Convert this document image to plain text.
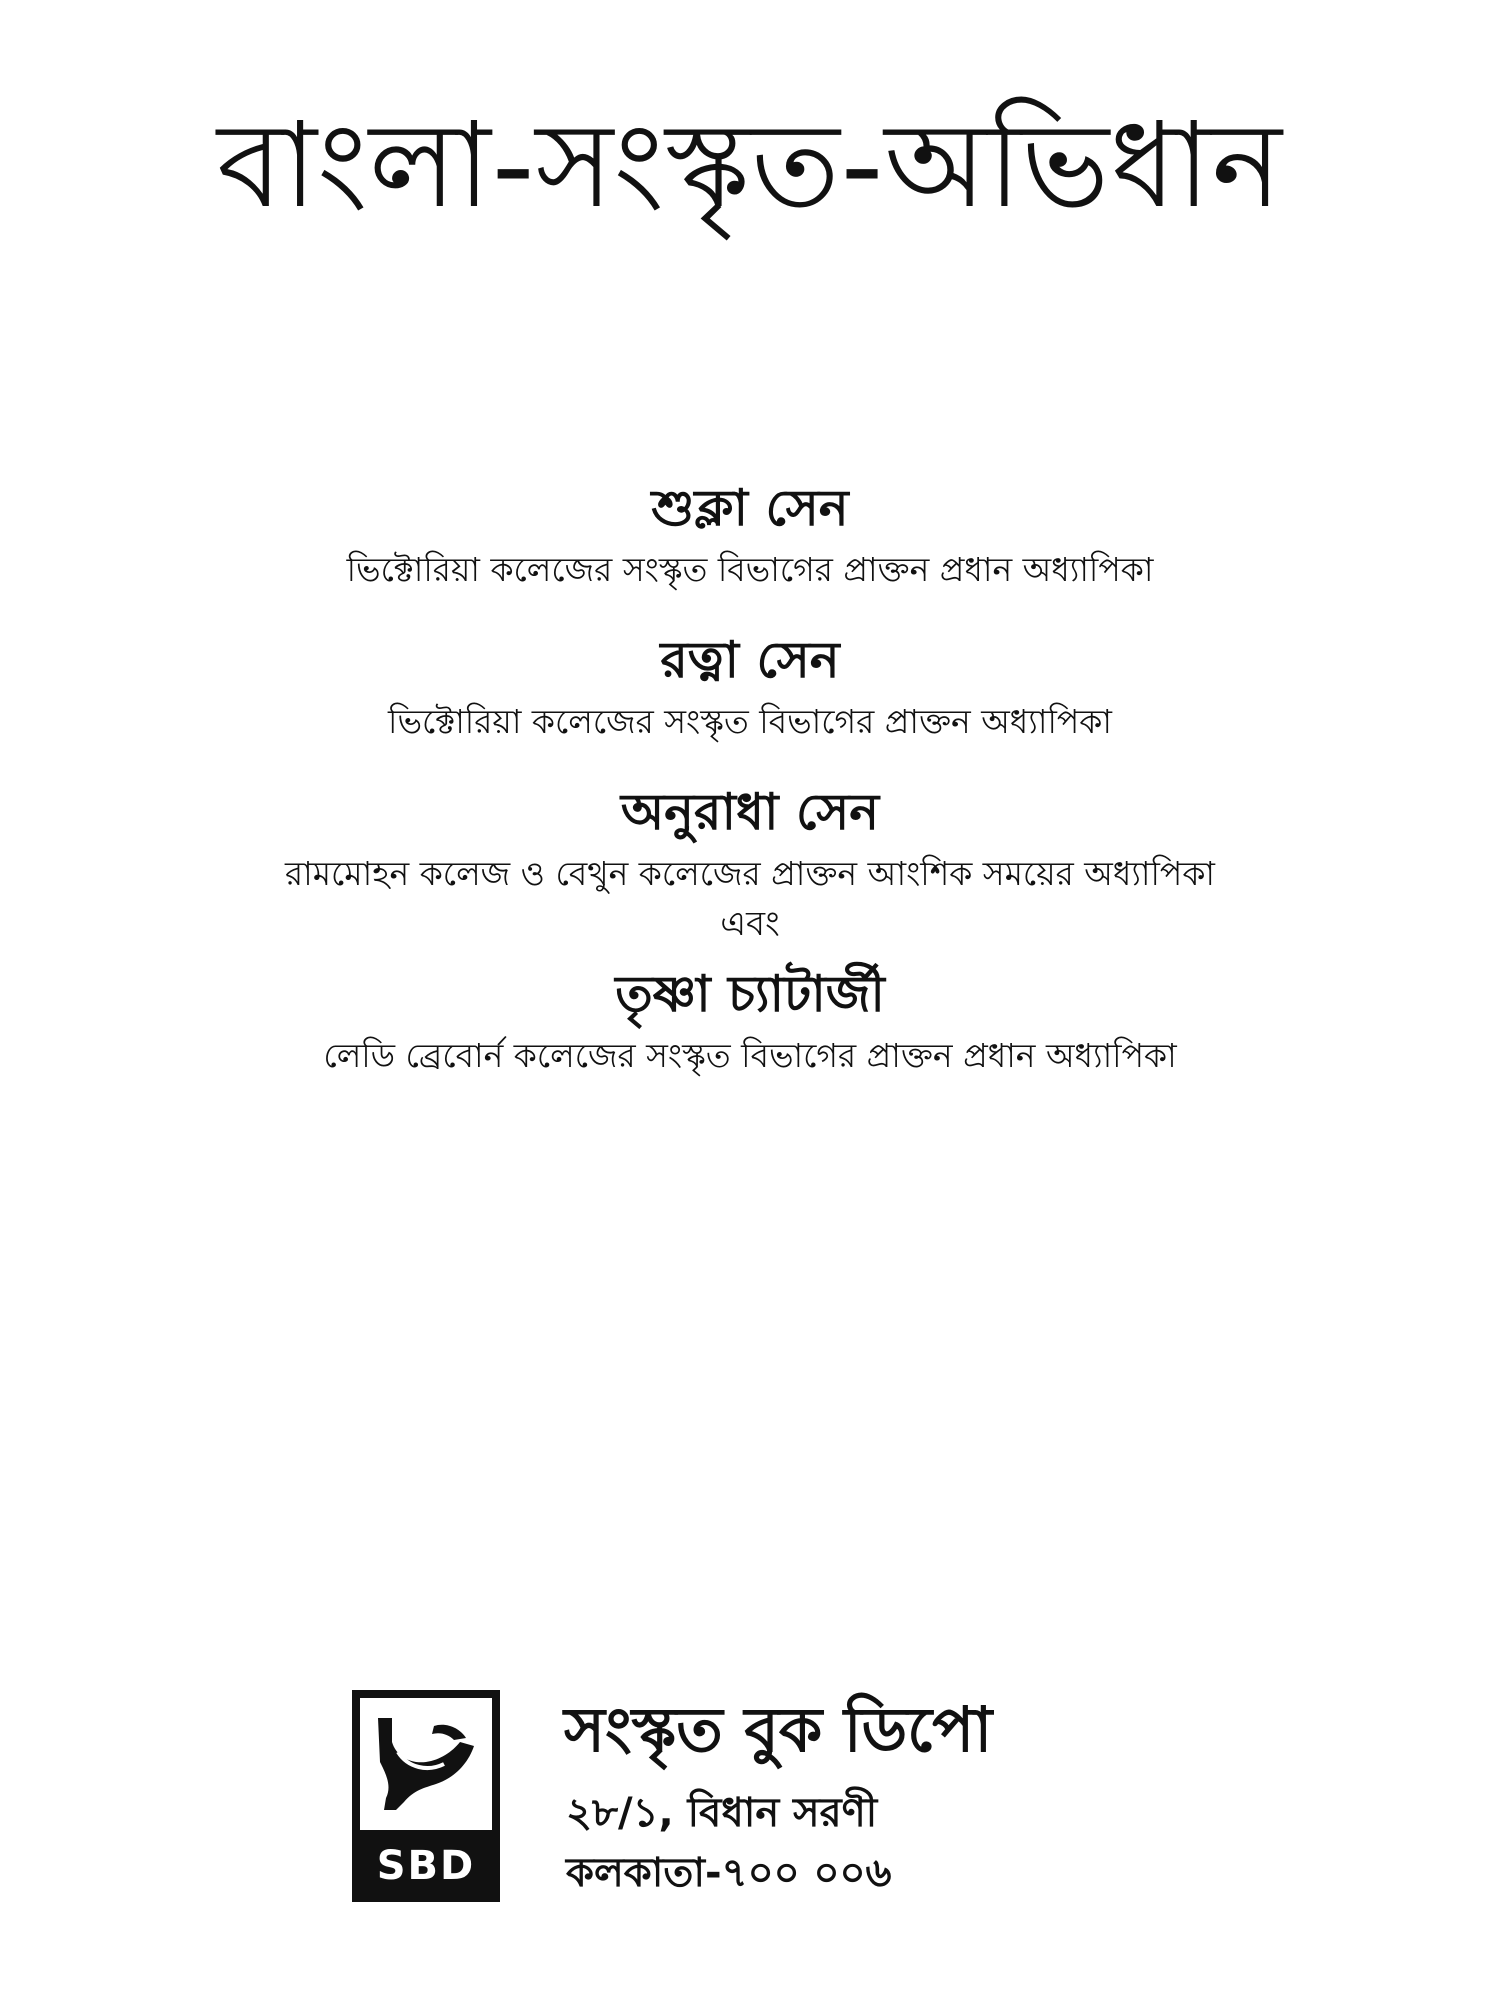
বাংলা-সংস্কৃত-অভিধান

শুক্লা সেন

ভিক্টোরিয়া কলেজের সংস্কৃত বিভাগের প্রাক্তন প্রধান অধ্যাপিকা

রত্না সেন

ভিক্টোরিয়া কলেজের সংস্কৃত বিভাগের প্রাক্তন অধ্যাপিকা

অনুরাধা সেন

রামমোহন কলেজ ও বেথুন কলেজের প্রাক্তন আংশিক সময়ের অধ্যাপিকা

এবং

তৃষ্ণা চ্যাটার্জী

লেডি ব্রেবোর্ন কলেজের সংস্কৃত বিভাগের প্রাক্তন প্রধান অধ্যাপিকা

SBD
সংস্কৃত বুক ডিপো
২৮/১, বিধান সরণী
কলকাতা-৭০০ ০০৬
